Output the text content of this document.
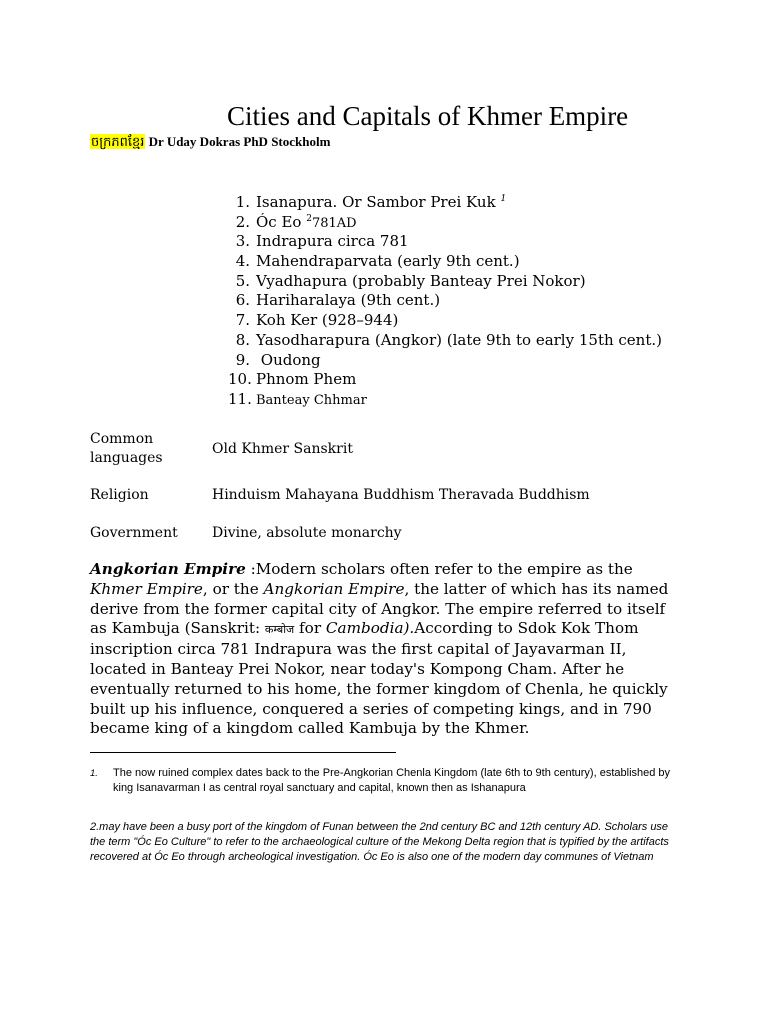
Cities and Capitals of Khmer Empire
ចក្រភពខ្មែរ Dr Uday Dokras PhD Stockholm
1. Isanapura. Or Sambor Prei Kuk $^1$
2. Óc Eo $^2$781AD
3. Indrapura circa 781
4. Mahendraparvata (early 9th cent.)
5. Vyadhapura (probably Banteay Prei Nokor)
6. Hariharalaya (9th cent.)
7. Koh Ker (928–944)
8. Yasodharapura (Angkor) (late 9th to early 15th cent.)
9. Oudong
10. Phnom Phem
11. Banteay Chhmar
Common languages
Old Khmer Sanskrit
Religion	Hinduism Mahayana Buddhism Theravada Buddhism
Government	Divine, absolute monarchy
Angkorian Empire :Modern scholars often refer to the empire as the Khmer Empire, or the Angkorian Empire, the latter of which has its named derive from the former capital city of Angkor. The empire referred to itself as Kambuja (Sanskrit: कम्बोज for Cambodia).According to Sdok Kok Thom inscription circa 781 Indrapura was the first capital of Jayavarman II, located in Banteay Prei Nokor, near today's Kompong Cham. After he eventually returned to his home, the former kingdom of Chenla, he quickly built up his influence, conquered a series of competing kings, and in 790 became king of a kingdom called Kambuja by the Khmer.
1. The now ruined complex dates back to the Pre-Angkorian Chenla Kingdom (late 6th to 9th century), established by king Isanavarman I as central royal sanctuary and capital, known then as Ishanapura
2.may have been a busy port of the kingdom of Funan between the 2nd century BC and 12th century AD. Scholars use the term "Óc Eo Culture" to refer to the archaeological culture of the Mekong Delta region that is typified by the artifacts recovered at Óc Eo through archeological investigation. Óc Eo is also one of the modern day communes of Vietnam
